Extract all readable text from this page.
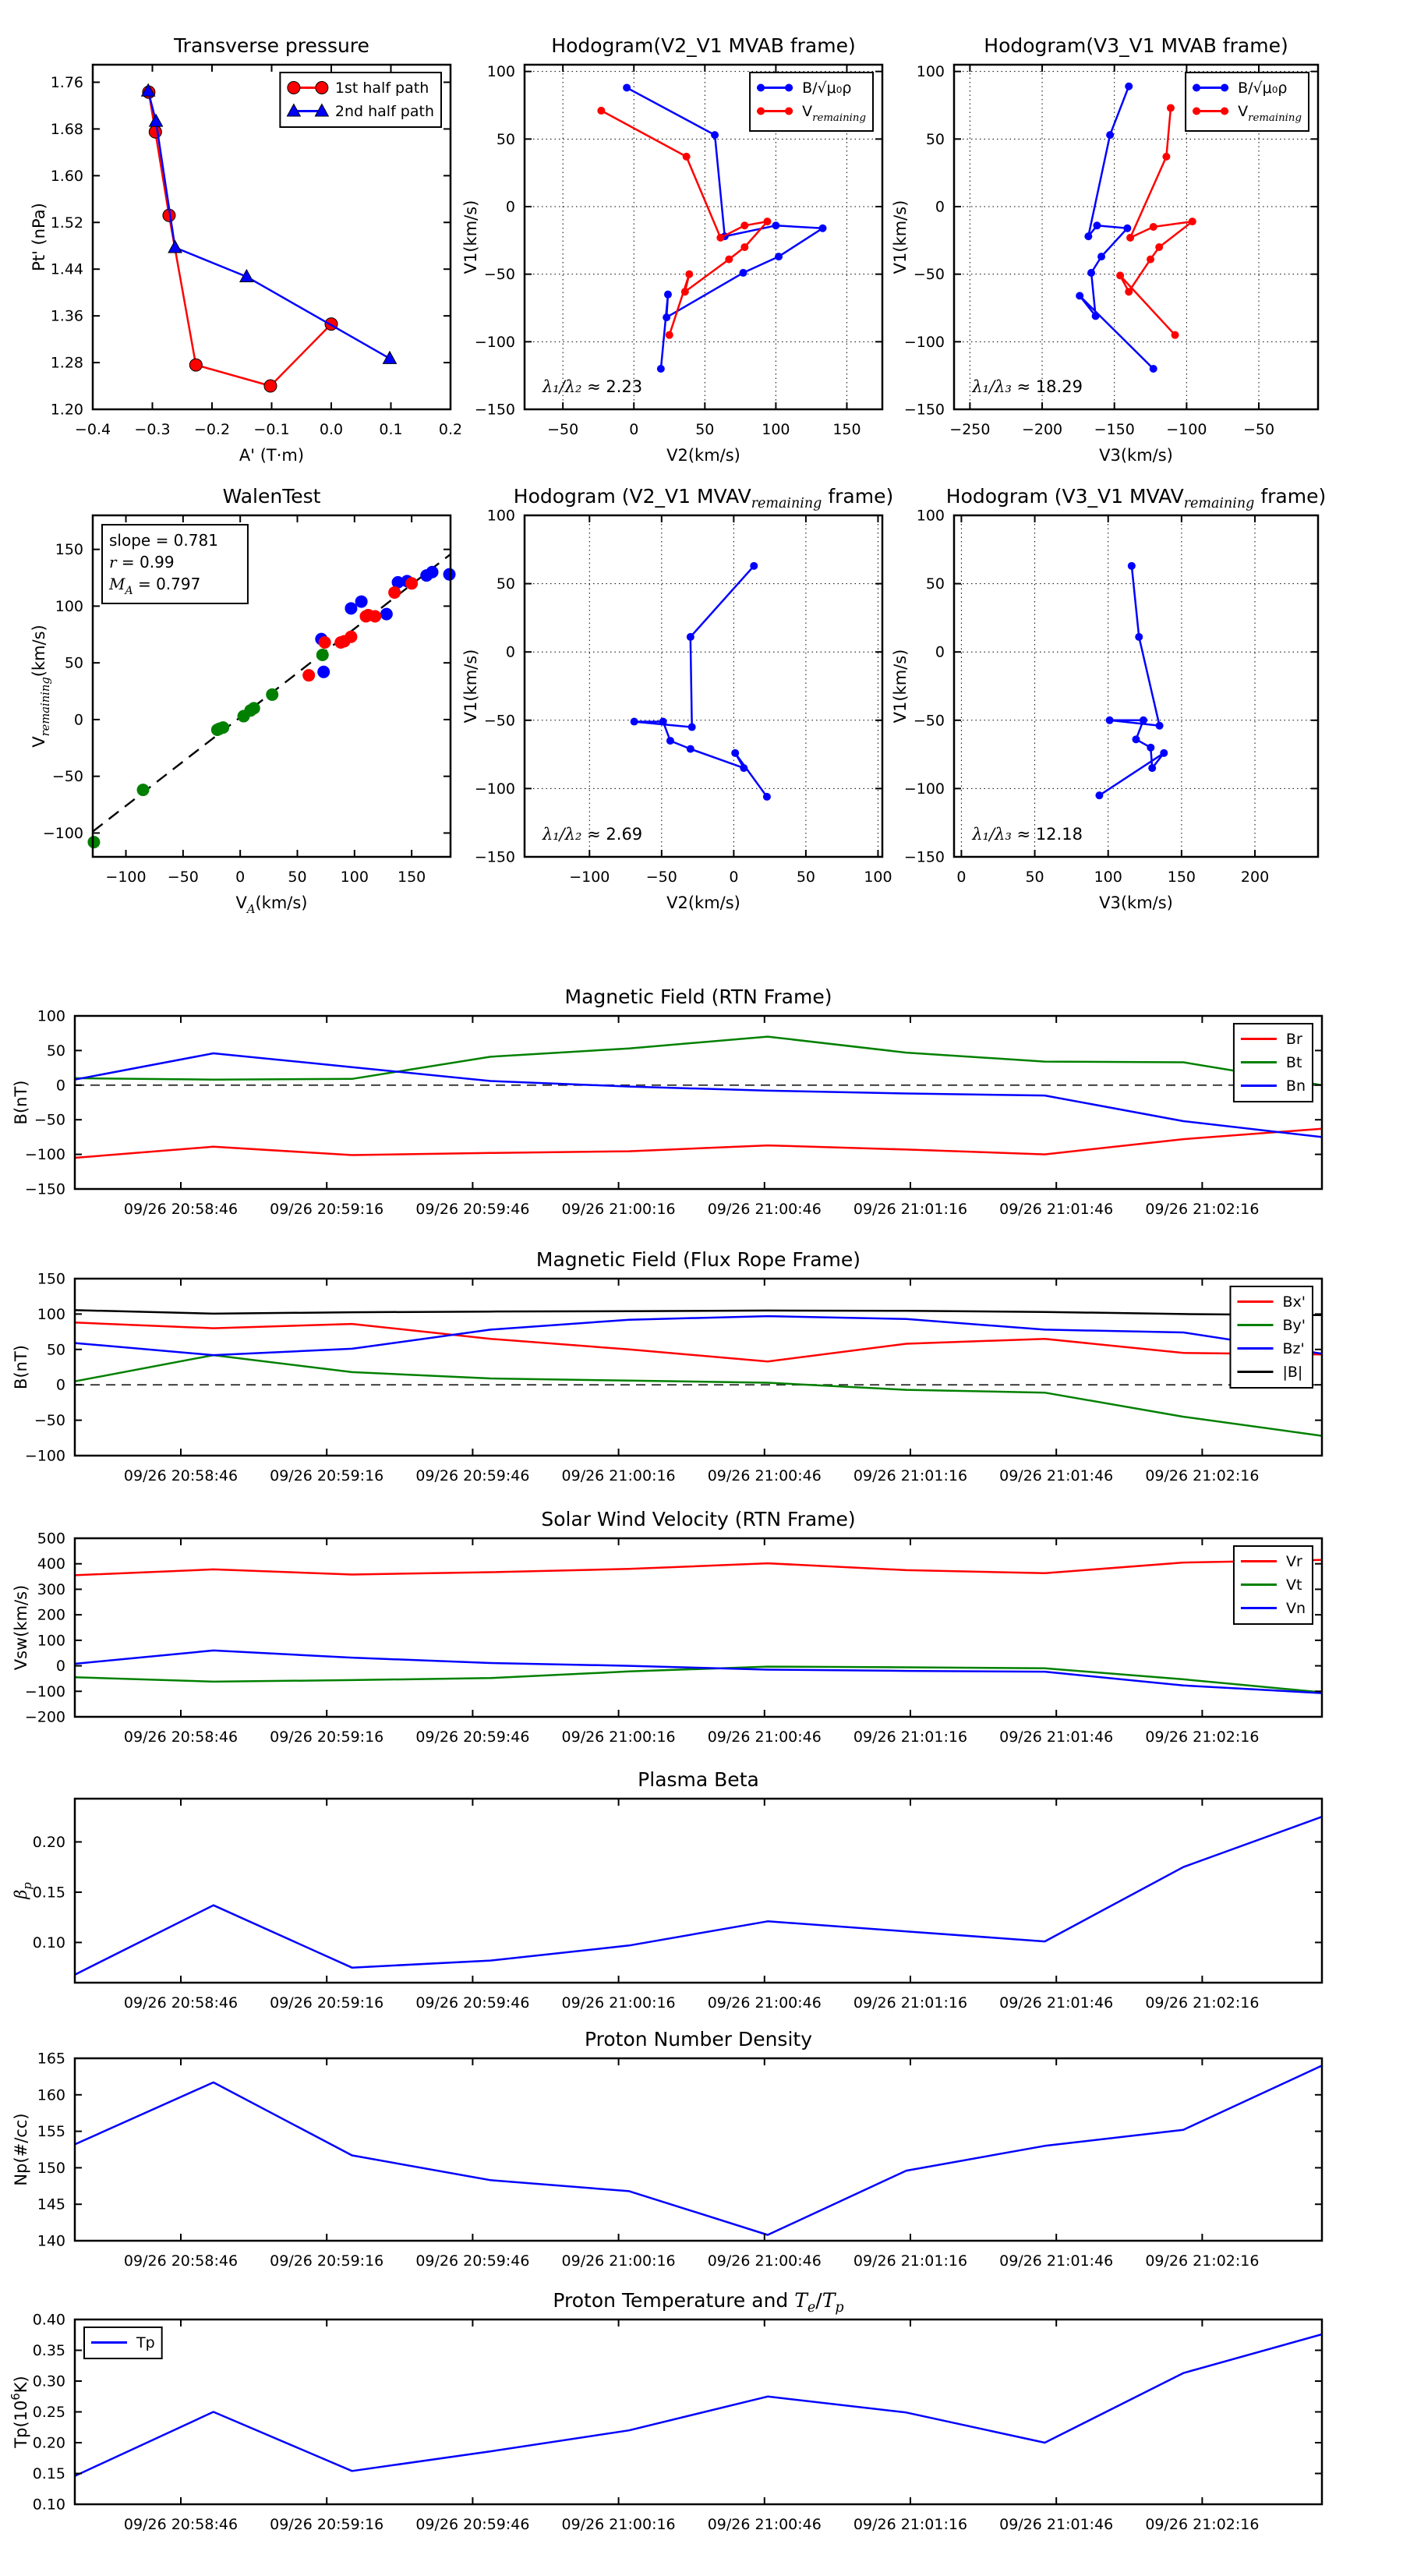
−0.4 −0.3 −0.2 −0.1 0.0 0.1 0.2
1.20
1.28
1.36
1.44
1.52
1.60
1.68
1.76
Transverse pressure
A' (T·m)
Pt' (nPa)
1st half path
2nd half path
−50	0	50	100	150
−150
−100
−50
0
50
100
Hodogram(V2_V1 MVAB frame)
V2(km/s)
V1(km/s)
λ₁/λ₂ ≈ 2.23
B/√μ₀ρ
$V_{remaining}$
−250 −200 −150 −100 −50
−150
−100
−50
0
50
100
Hodogram(V3_V1 MVAB frame)
V3(km/s)
V1(km/s)
λ₁/λ₃ ≈ 18.29
B/√μ₀ρ
$V_{remaining}$
−100 −50 0	50 100 150
−100
−50
0
50
100
150
WalenTest
$V_A(km/s)$
$V_{remaining}(km/s)$
slope = 0.781
r = 0.99
$M_A = 0.797$
−100 −50	0	50	100
−150
−100
−50
0
50
100
Hodogram (V2_V1 $MVAV_{remaining}$ frame)
V2(km/s)
V1(km/s)
λ₁/λ₂ ≈ 2.69
0	50	100	150	200
−150
−100
−50
0
50
100
Hodogram (V3_V1 $MVAV_{remaining}$ frame)
V3(km/s)
V1(km/s)
λ₁/λ₃ ≈ 12.18
09/26 20:58:46 09/26 20:59:16 09/26 20:59:46 09/26 21:00:16 09/26 21:00:46 09/26 21:01:16 09/26 21:01:46 09/26 21:02:16
−150
−100
−50
0
50
100
Magnetic Field (RTN Frame)
B(nT)
Br
Bt
Bn
09/26 20:58:46 09/26 20:59:16 09/26 20:59:46 09/26 21:00:16 09/26 21:00:46 09/26 21:01:16 09/26 21:01:46 09/26 21:02:16
−100
−50
0
50
100
150
Magnetic Field (Flux Rope Frame)
B(nT)
Bx'
By'
Bz'
|B|
09/26 20:58:46 09/26 20:59:16 09/26 20:59:46 09/26 21:00:16 09/26 21:00:46 09/26 21:01:16 09/26 21:01:46 09/26 21:02:16
−200
−100
0
100
200
300
400
500
Solar Wind Velocity (RTN Frame)
Vsw(km/s)
Vr
Vt
Vn
09/26 20:58:46 09/26 20:59:16 09/26 20:59:46 09/26 21:00:16 09/26 21:00:46 09/26 21:01:16 09/26 21:01:46 09/26 21:02:16
0.10
0.15
0.20
Plasma Beta
$\beta_p$
09/26 20:58:46 09/26 20:59:16 09/26 20:59:46 09/26 21:00:16 09/26 21:00:46 09/26 21:01:16 09/26 21:01:46 09/26 21:02:16
140
145
150
155
160
165
Proton Number Density
Np(#/cc)
09/26 20:58:46 09/26 20:59:16 09/26 20:59:46 09/26 21:00:16 09/26 21:00:46 09/26 21:01:16 09/26 21:01:46 09/26 21:02:16
0.10
0.15
0.20
0.25
0.30
0.35
0.40
Proton Temperature and $T_e/T_p$
$Tp(10^6K)$
Tp
